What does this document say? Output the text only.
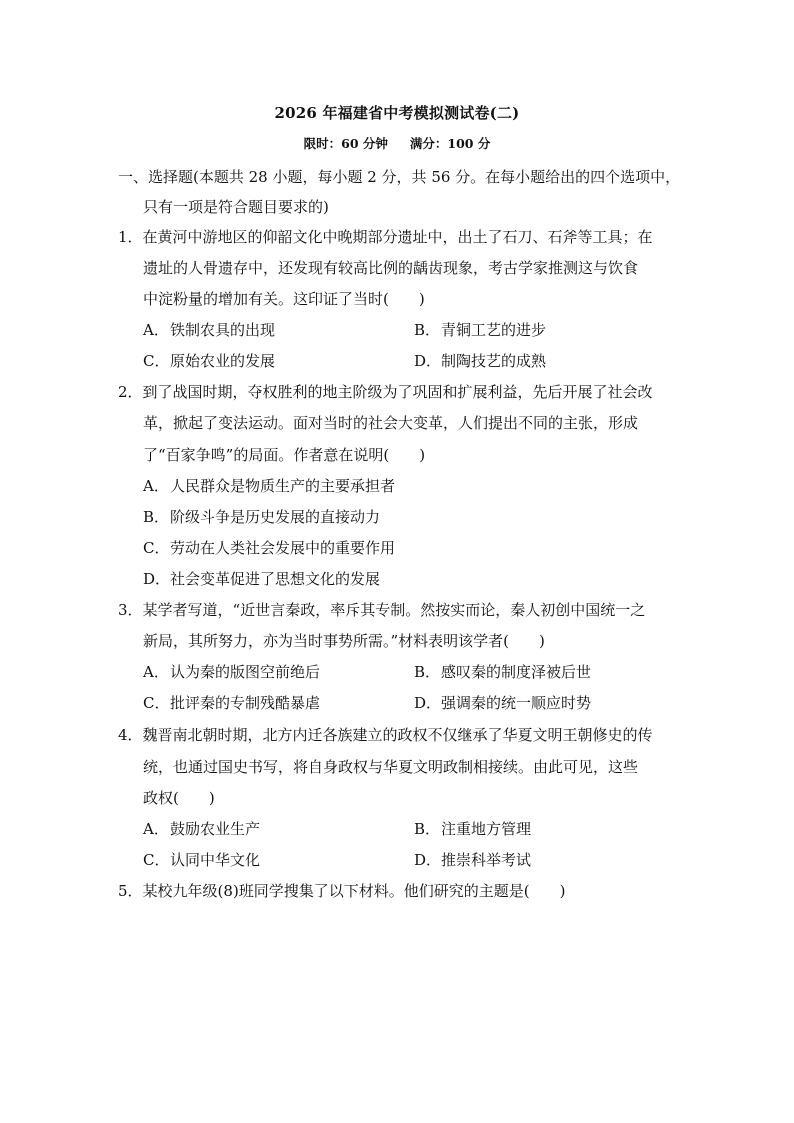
2026 年福建省中考模拟测试卷(二)
限时：60 分钟 满分：100 分
一、选择题(本题共 28 小题，每小题 2 分，共 56 分。在每小题给出的四个选项中，
只有一项是符合题目要求的)
1．在黄河中游地区的仰韶文化中晚期部分遗址中，出土了石刀、石斧等工具；在
遗址的人骨遗存中，还发现有较高比例的龋齿现象，考古学家推测这与饮食
中淀粉量的增加有关。这印证了当时(　　)
A．铁制农具的出现	B．青铜工艺的进步
C．原始农业的发展	D．制陶技艺的成熟
2．到了战国时期，夺权胜利的地主阶级为了巩固和扩展利益，先后开展了社会改
革，掀起了变法运动。面对当时的社会大变革，人们提出不同的主张，形成
了“百家争鸣”的局面。作者意在说明(　　)
A．人民群众是物质生产的主要承担者
B．阶级斗争是历史发展的直接动力
C．劳动在人类社会发展中的重要作用
D．社会变革促进了思想文化的发展
3．某学者写道，“近世言秦政，率斥其专制。然按实而论，秦人初创中国统一之
新局，其所努力，亦为当时事势所需。”材料表明该学者(　　)
A．认为秦的版图空前绝后	B．感叹秦的制度泽被后世
C．批评秦的专制残酷暴虐	D．强调秦的统一顺应时势
4．魏晋南北朝时期，北方内迁各族建立的政权不仅继承了华夏文明王朝修史的传
统，也通过国史书写，将自身政权与华夏文明政制相接续。由此可见，这些
政权(　　)
A．鼓励农业生产	B．注重地方管理
C．认同中华文化	D．推崇科举考试
5．某校九年级(8)班同学搜集了以下材料。他们研究的主题是(　　)
